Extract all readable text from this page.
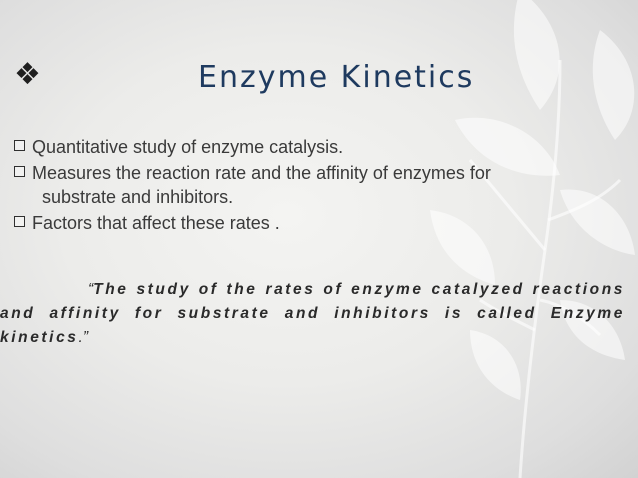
❖	Enzyme Kinetics
Quantitative study of enzyme catalysis.
Measures the reaction rate and the affinity of enzymes for
substrate and inhibitors.
Factors that affect these rates .
“The study of the rates of enzyme catalyzed reactions and affinity for substrate and inhibitors is called Enzyme kinetics.”
